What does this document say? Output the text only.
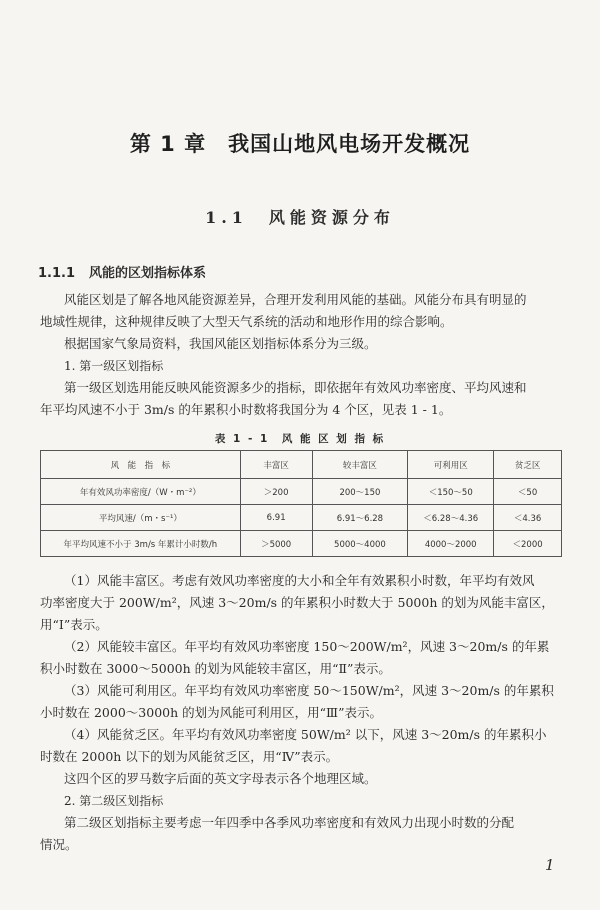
第 1 章　我国山地风电场开发概况
1.1　风能资源分布
1.1.1 风能的区划指标体系
风能区划是了解各地风能资源差异，合理开发利用风能的基础。风能分布具有明显的
地域性规律，这种规律反映了大型天气系统的活动和地形作用的综合影响。
根据国家气象局资料，我国风能区划指标体系分为三级。
1. 第一级区划指标
第一级区划选用能反映风能资源多少的指标，即依据年有效风功率密度、平均风速和
年平均风速不小于 3m/s 的年累积小时数将我国分为 4 个区，见表 1 - 1。
表 1 - 1　风 能 区 划 指 标
风　能　指　标	丰富区	较丰富区	可利用区	贫乏区
年有效风功率密度/（W・m⁻²）	＞200	200～150	＜150～50	＜50
平均风速/（m・s⁻¹）	6.91	6.91～6.28	＜6.28～4.36	＜4.36
年平均风速不小于 3m/s 年累计小时数/h	＞5000	5000～4000	4000～2000	＜2000
（1）风能丰富区。考虑有效风功率密度的大小和全年有效累积小时数，年平均有效风
功率密度大于 200W/m²，风速 3～20m/s 的年累积小时数大于 5000h 的划为风能丰富区，
用“Ⅰ”表示。
（2）风能较丰富区。年平均有效风功率密度 150～200W/m²，风速 3～20m/s 的年累
积小时数在 3000～5000h 的划为风能较丰富区，用“Ⅱ”表示。
（3）风能可利用区。年平均有效风功率密度 50～150W/m²，风速 3～20m/s 的年累积
小时数在 2000～3000h 的划为风能可利用区，用“Ⅲ”表示。
（4）风能贫乏区。年平均有效风功率密度 50W/m² 以下，风速 3～20m/s 的年累积小
时数在 2000h 以下的划为风能贫乏区，用“Ⅳ”表示。
这四个区的罗马数字后面的英文字母表示各个地理区域。
2. 第二级区划指标
第二级区划指标主要考虑一年四季中各季风功率密度和有效风力出现小时数的分配
情况。
1
